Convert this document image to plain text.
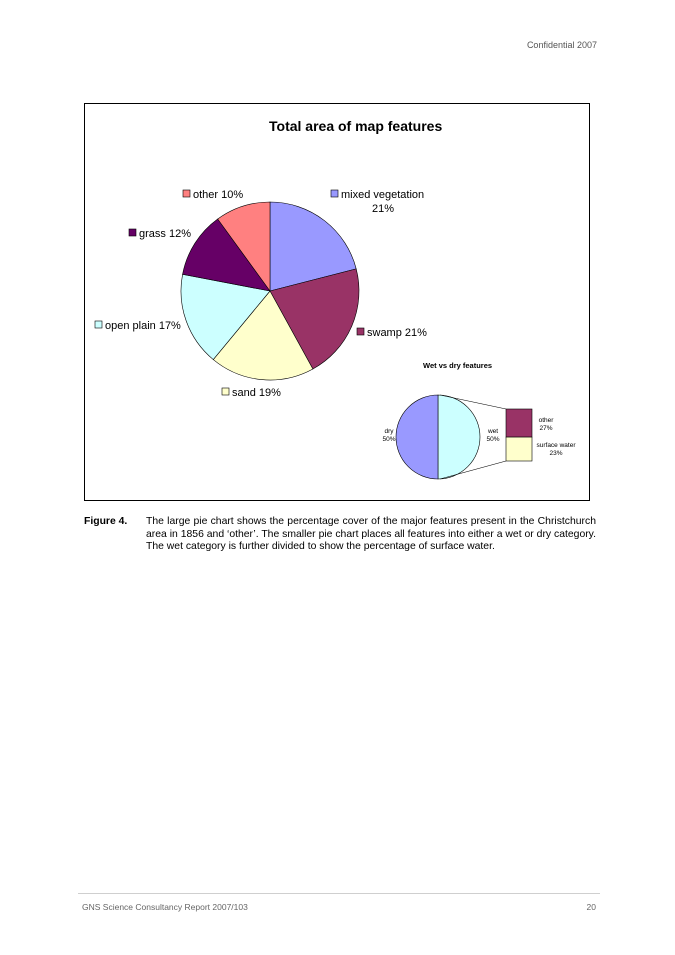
Confidential 2007
Total area of map features
mixed vegetation
21%
swamp 21%
sand 19%
open plain 17%
grass 12%
other 10%
Wet vs dry features
wet
50%
dry
50%
other
27%
surface water
23%
Figure 4. The large pie chart shows the percentage cover of the major features present in the Christchurch area in 1856 and ‘other’. The smaller pie chart places all features into either a wet or dry category. The wet category is further divided to show the percentage of surface water.
GNS Science Consultancy Report 2007/103	20
